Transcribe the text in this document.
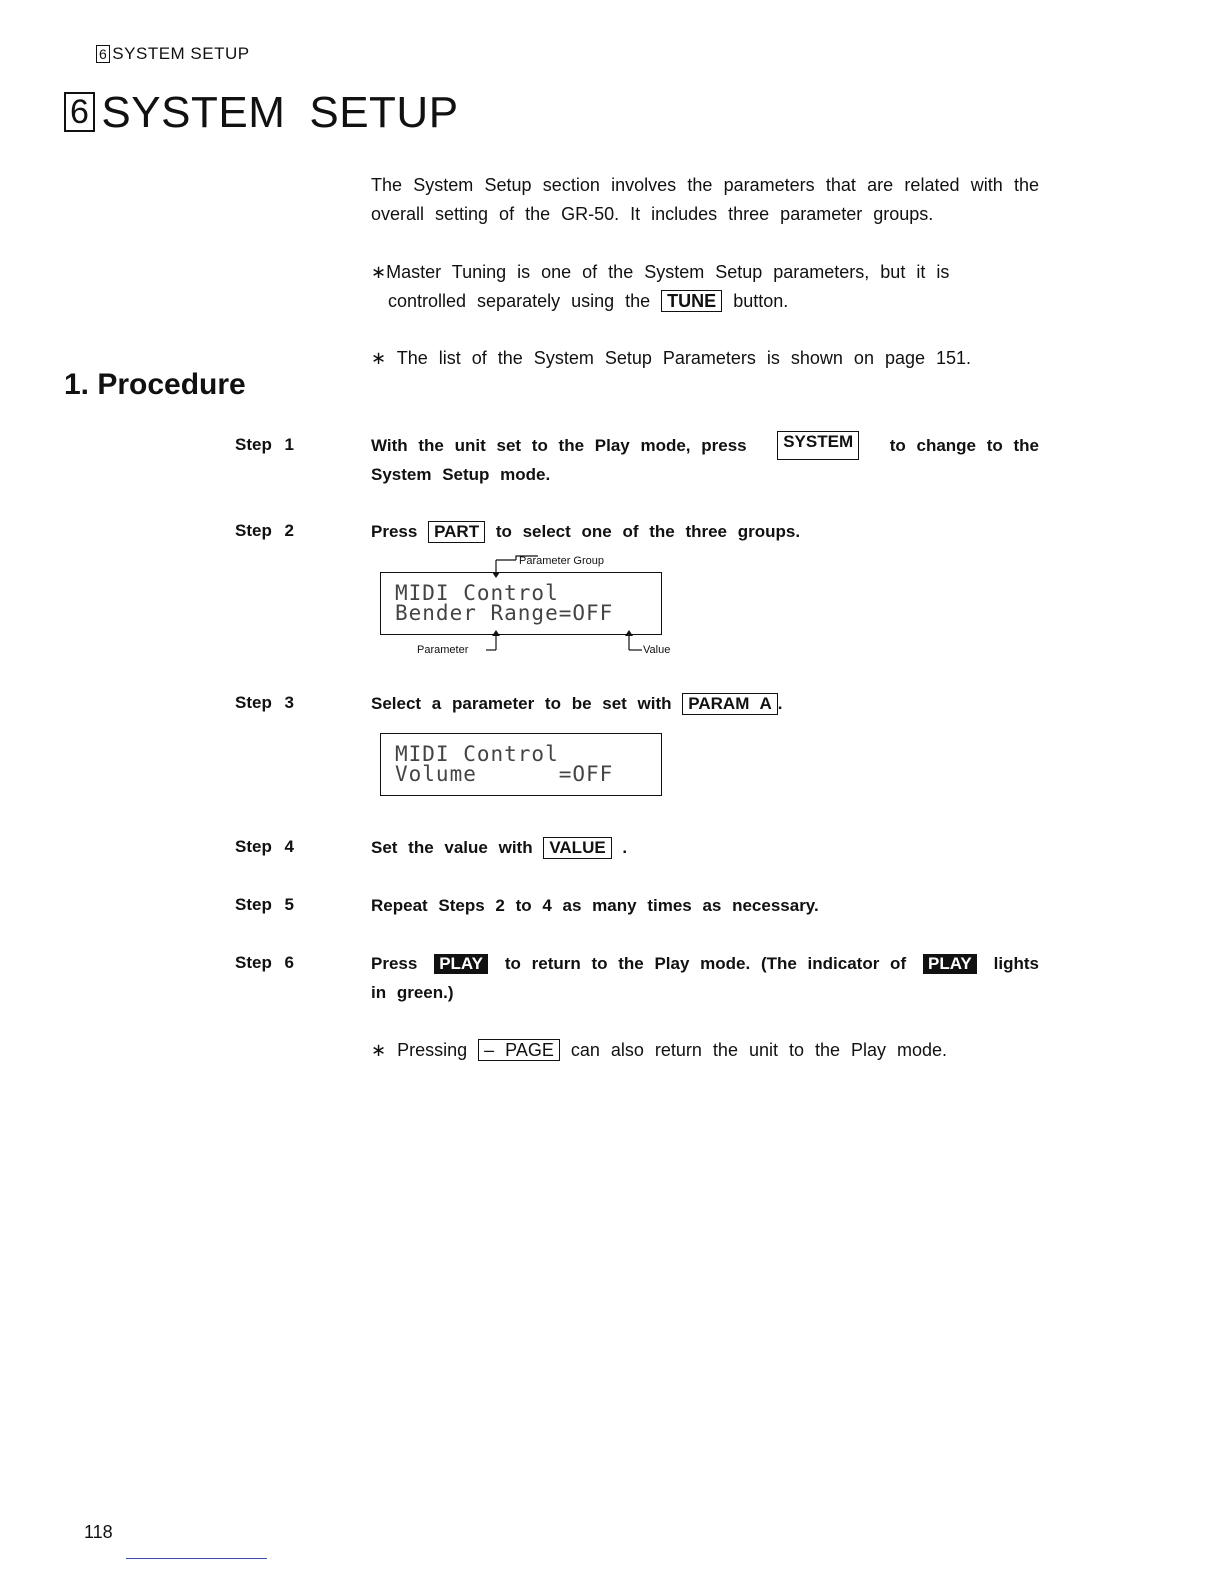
6 SYSTEM SETUP
6 SYSTEM SETUP
The System Setup section involves the parameters that are related with the overall setting of the GR-50. It includes three parameter groups.
∗Master Tuning is one of the System Setup parameters, but it is
controlled separately using the TUNE button.
∗ The list of the System Setup Parameters is shown on page 151.
1. Procedure
Step 1	With the unit set to the Play mode, press	SYSTEM	to change to the
System Setup mode.
Step 2	Press PART to select one of the three groups.
Parameter Group
MIDI Control
Bender Range=OFF
Parameter	Value
Step 3	Select a parameter to be set with PARAM A .
MIDI Control
Volume      =OFF
Step 4	Set the value with VALUE .
Step 5	Repeat Steps 2 to 4 as many times as necessary.
Step 6	Press PLAY to return to the Play mode. (The indicator of PLAY lights
in green.)
∗ Pressing – PAGE can also return the unit to the Play mode.
118
